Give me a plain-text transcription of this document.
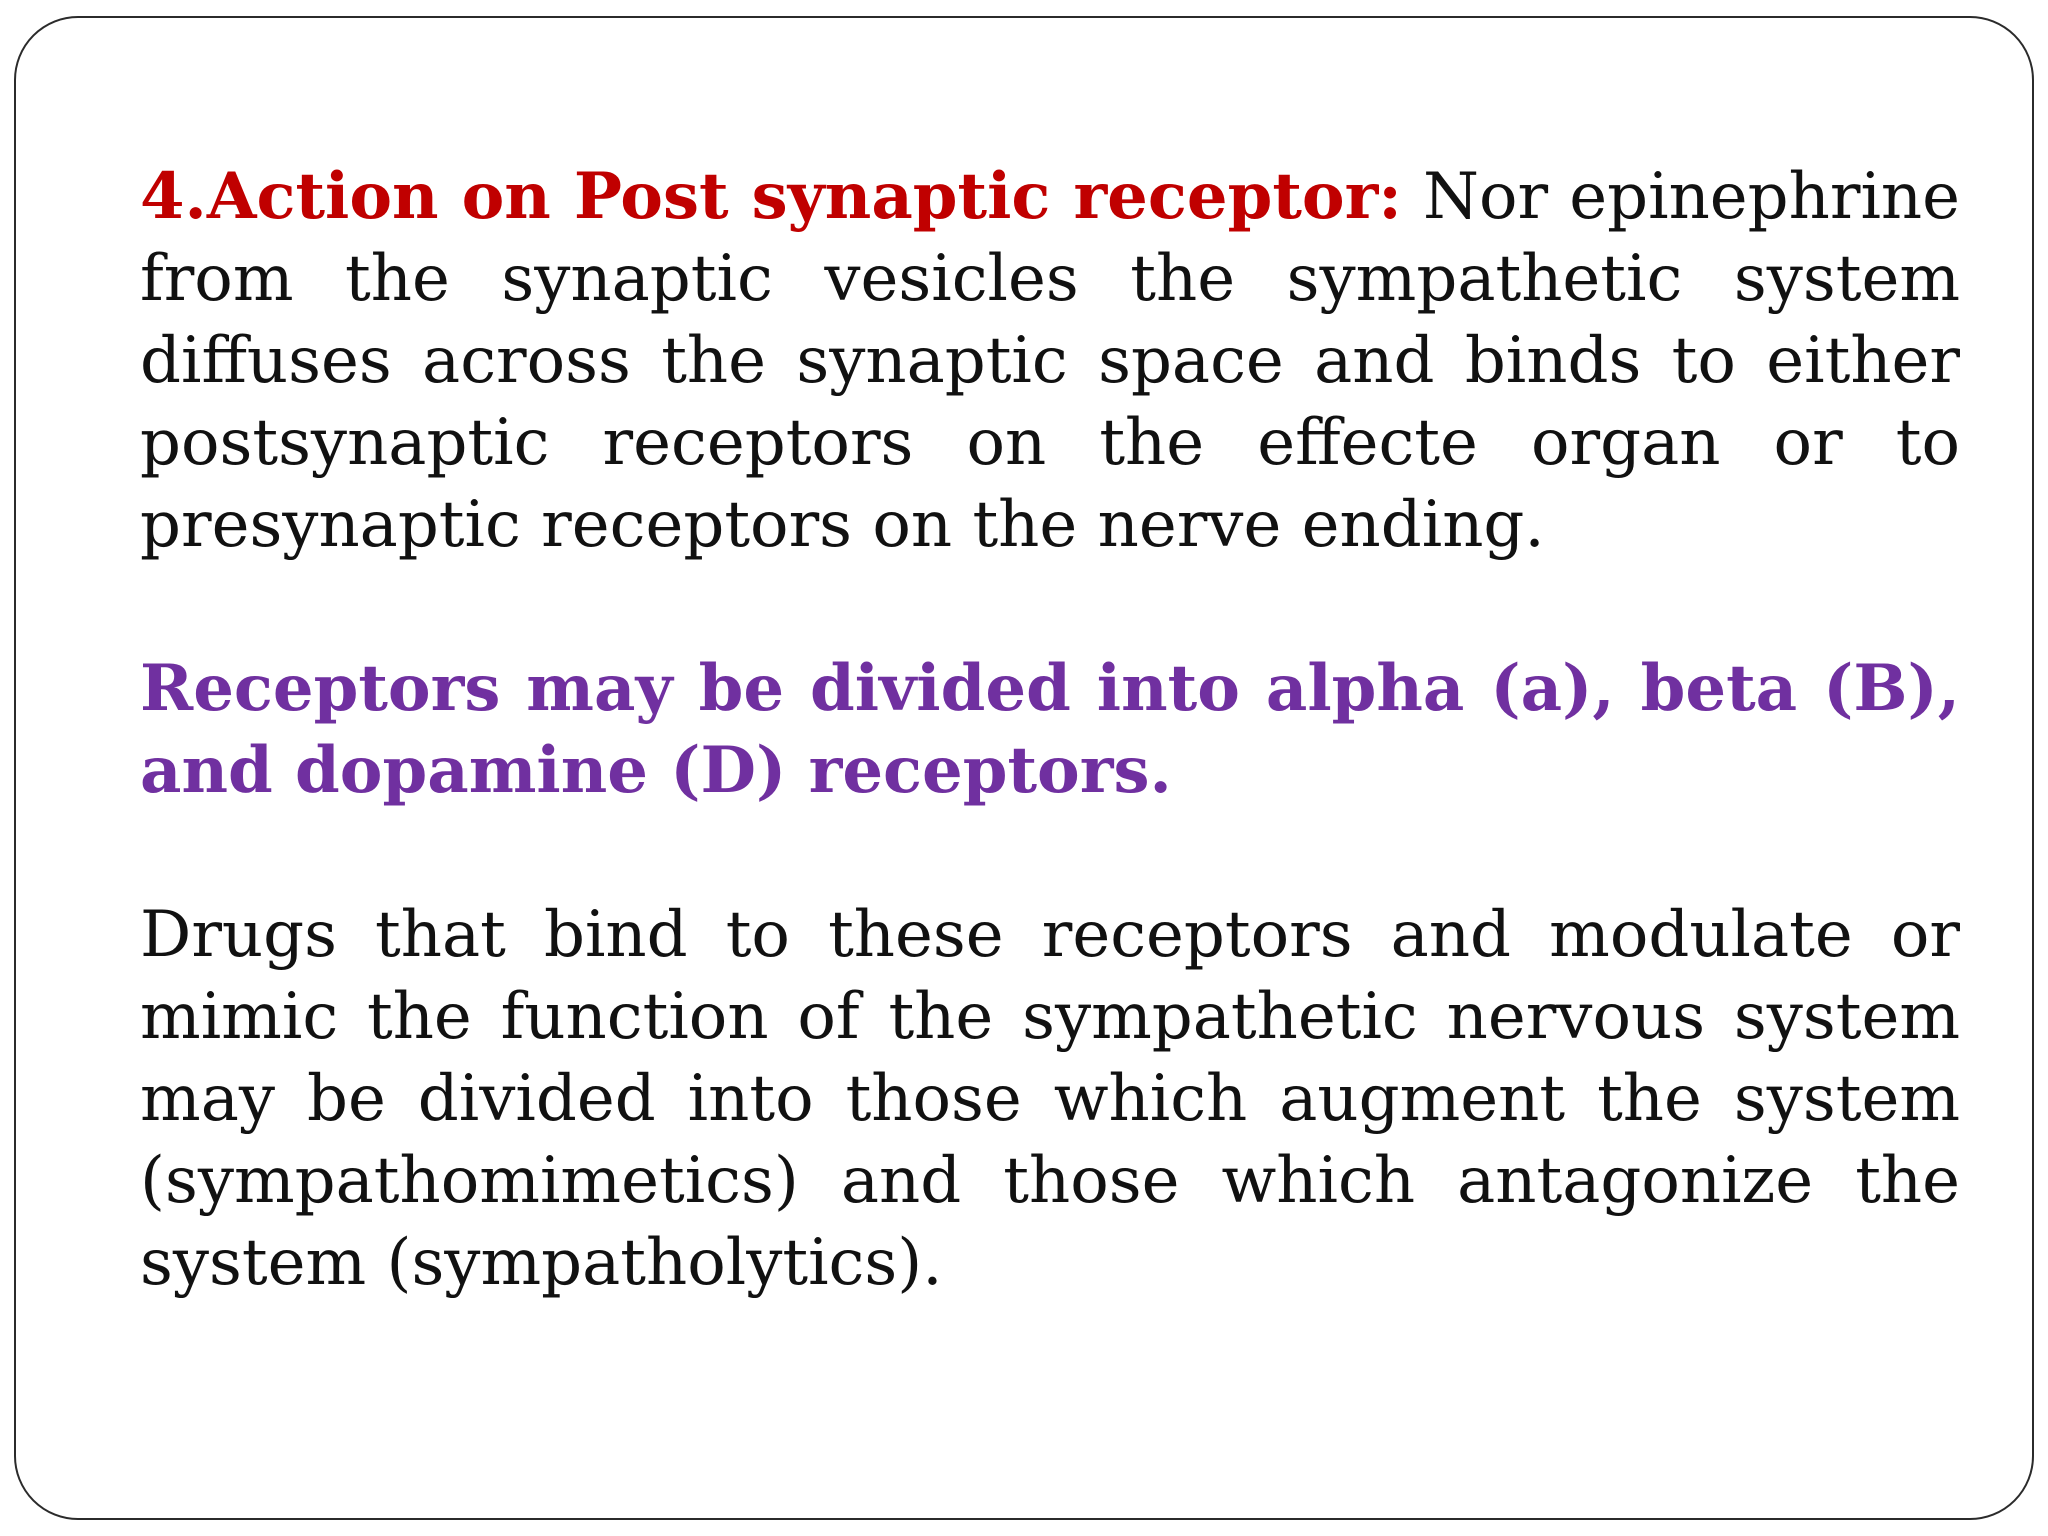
4.Action on Post synaptic receptor: Nor epinephrine from the synaptic vesicles the sympathetic system diffuses across the synaptic space and binds to either postsynaptic receptors on the effecte organ or to presynaptic receptors on the nerve ending.

Receptors may be divided into alpha (a), beta (B), and dopamine (D) receptors.

Drugs that bind to these receptors and modulate or mimic the function of the sympathetic nervous system may be divided into those which augment the system (sympathomimetics) and those which antagonize the system (sympatholytics).
